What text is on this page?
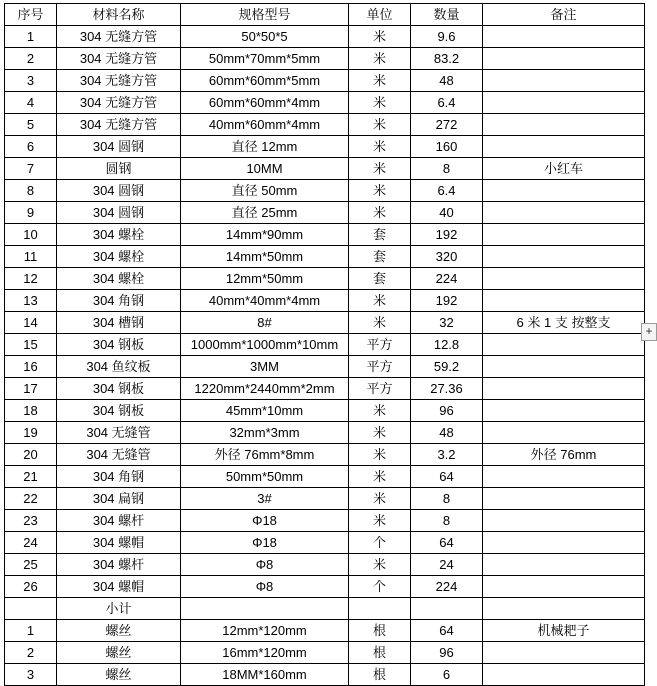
序号	材料名称	规格型号	单位	数量	备注
1	304 无缝方管	50*50*5	米	9.6	
2	304 无缝方管	50mm*70mm*5mm	米	83.2	
3	304 无缝方管	60mm*60mm*5mm	米	48	
4	304 无缝方管	60mm*60mm*4mm	米	6.4	
5	304 无缝方管	40mm*60mm*4mm	米	272	
6	304 圆钢	直径 12mm	米	160	
7	圆钢	10MM	米	8	小红车
8	304 圆钢	直径 50mm	米	6.4	
9	304 圆钢	直径 25mm	米	40	
10	304 螺栓	14mm*90mm	套	192	
11	304 螺栓	14mm*50mm	套	320	
12	304 螺栓	12mm*50mm	套	224	
13	304 角钢	40mm*40mm*4mm	米	192	
14	304 槽钢	8#	米	32	6 米 1 支 按整支
15	304 钢板	1000mm*1000mm*10mm	平方	12.8	
16	304 鱼纹板	3MM	平方	59.2	
17	304 钢板	1220mm*2440mm*2mm	平方	27.36	
18	304 钢板	45mm*10mm	米	96	
19	304 无缝管	32mm*3mm	米	48	
20	304 无缝管	外径 76mm*8mm	米	3.2	外径 76mm
21	304 角钢	50mm*50mm	米	64	
22	304 扁钢	3#	米	8	
23	304 螺杆	Φ18	米	8	
24	304 螺帽	Φ18	个	64	
25	304 螺杆	Φ8	米	24	
26	304 螺帽	Φ8	个	224	
	小计				
1	螺丝	12mm*120mm	根	64	机械耙子
2	螺丝	16mm*120mm	根	96	
3	螺丝	18MM*160mm	根	6	
+
